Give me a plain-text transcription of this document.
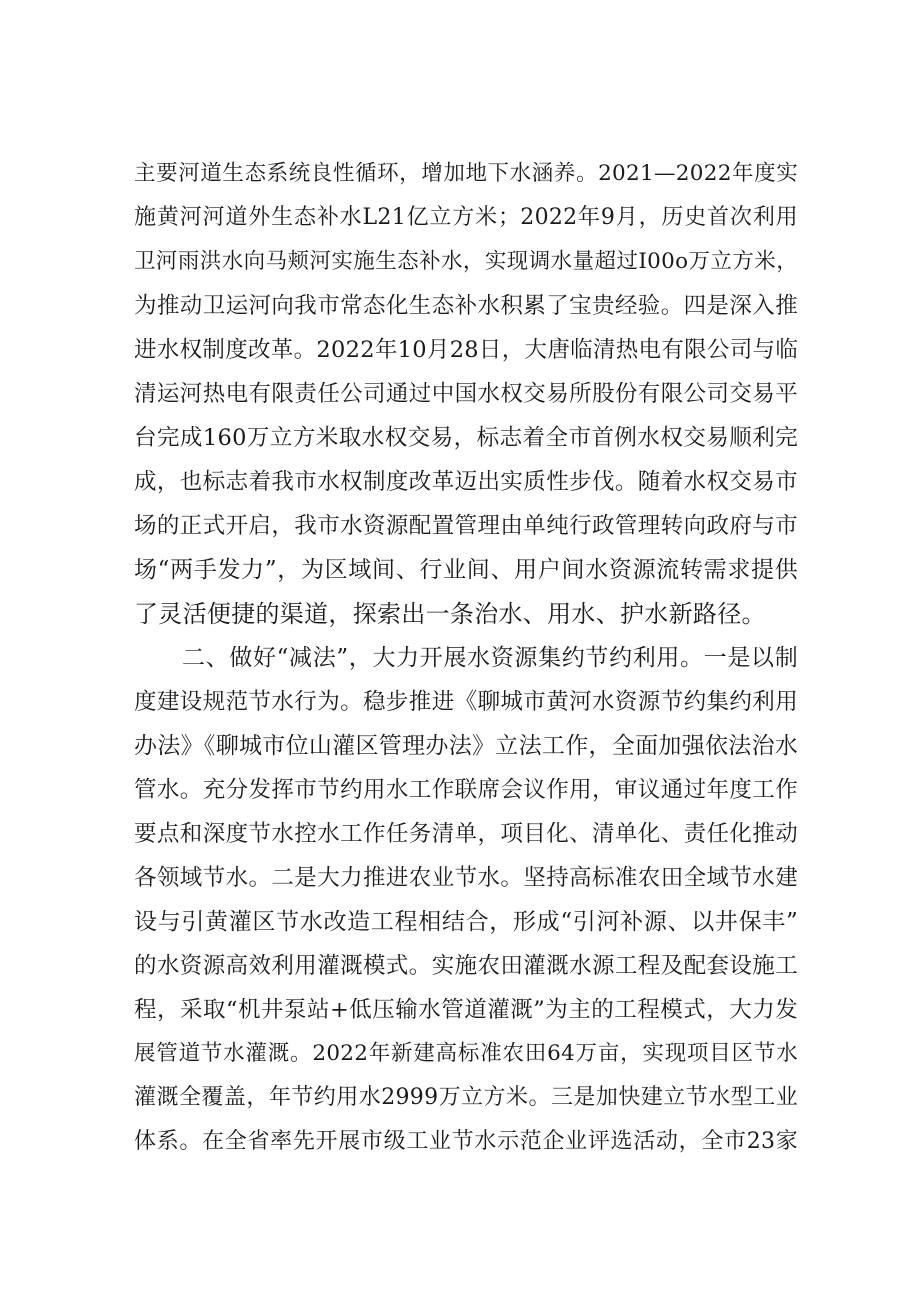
主要河道生态系统良性循环，增加地下水涵养。2021—2022年度实
施黄河河道外生态补水L21亿立方米；2022年9月，历史首次利用
卫河雨洪水向马颊河实施生态补水，实现调水量超过I00o万立方米，
为推动卫运河向我市常态化生态补水积累了宝贵经验。四是深入推
进水权制度改革。2022年10月28日，大唐临清热电有限公司与临
清运河热电有限责任公司通过中国水权交易所股份有限公司交易平
台完成160万立方米取水权交易，标志着全市首例水权交易顺利完
成，也标志着我市水权制度改革迈出实质性步伐。随着水权交易市
场的正式开启，我市水资源配置管理由单纯行政管理转向政府与市
场“两手发力”，为区域间、行业间、用户间水资源流转需求提供
了灵活便捷的渠道，探索出一条治水、用水、护水新路径。
二、做好“减法”，大力开展水资源集约节约利用。一是以制
度建设规范节水行为。稳步推进《聊城市黄河水资源节约集约利用
办法》《聊城市位山灌区管理办法》立法工作，全面加强依法治水
管水。充分发挥市节约用水工作联席会议作用，审议通过年度工作
要点和深度节水控水工作任务清单，项目化、清单化、责任化推动
各领域节水。二是大力推进农业节水。坚持高标准农田全域节水建
设与引黄灌区节水改造工程相结合，形成“引河补源、以井保丰”
的水资源高效利用灌溉模式。实施农田灌溉水源工程及配套设施工
程，采取“机井泵站+低压输水管道灌溉”为主的工程模式，大力发
展管道节水灌溉。2022年新建高标准农田64万亩，实现项目区节水
灌溉全覆盖，年节约用水2999万立方米。三是加快建立节水型工业
体系。在全省率先开展市级工业节水示范企业评选活动，全市23家
